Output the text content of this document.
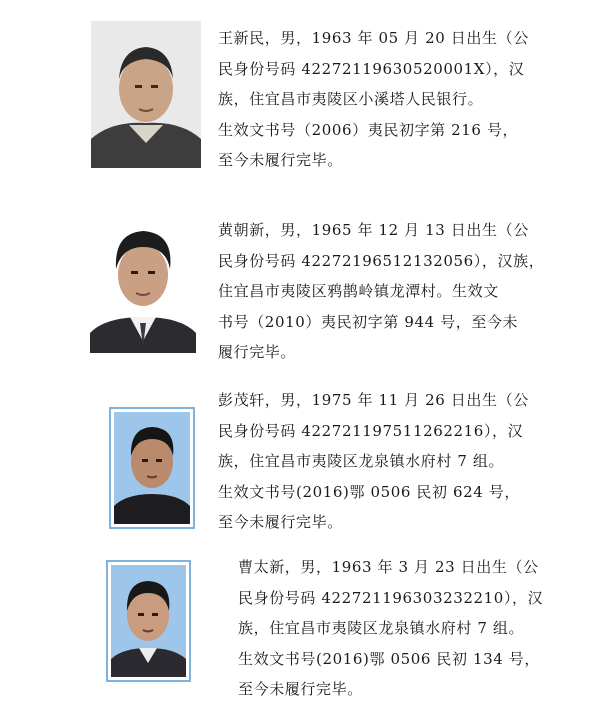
王新民，男，1963 年 05 月 20 日出生（公
民身份号码 42272119630520001X），汉
族，住宜昌市夷陵区小溪塔人民银行。
生效文书号（2006）夷民初字第 216 号，
至今未履行完毕。
黄朝新，男，1965 年 12 月 13 日出生（公
民身份号码 422721965121320​56），汉族，
住宜昌市夷陵区鸦鹊岭镇龙潭村。生效文
书号（2010）夷民初字第 944 号，至今未
履行完毕。
彭茂轩，男，1975 年 11 月 26 日出生（公
民身份号码 422721197511262216），汉
族，住宜昌市夷陵区龙泉镇水府村 7 组。
生效文书号(2016)鄂 0506 民初 624 号，
至今未履行完毕。
曹太新，男，1963 年 3 月 23 日出生（公
民身份号码 422721196303232210），汉
族，住宜昌市夷陵区龙泉镇水府村 7 组。
生效文书号(2016)鄂 0506 民初 134 号，
至今未履行完毕。
